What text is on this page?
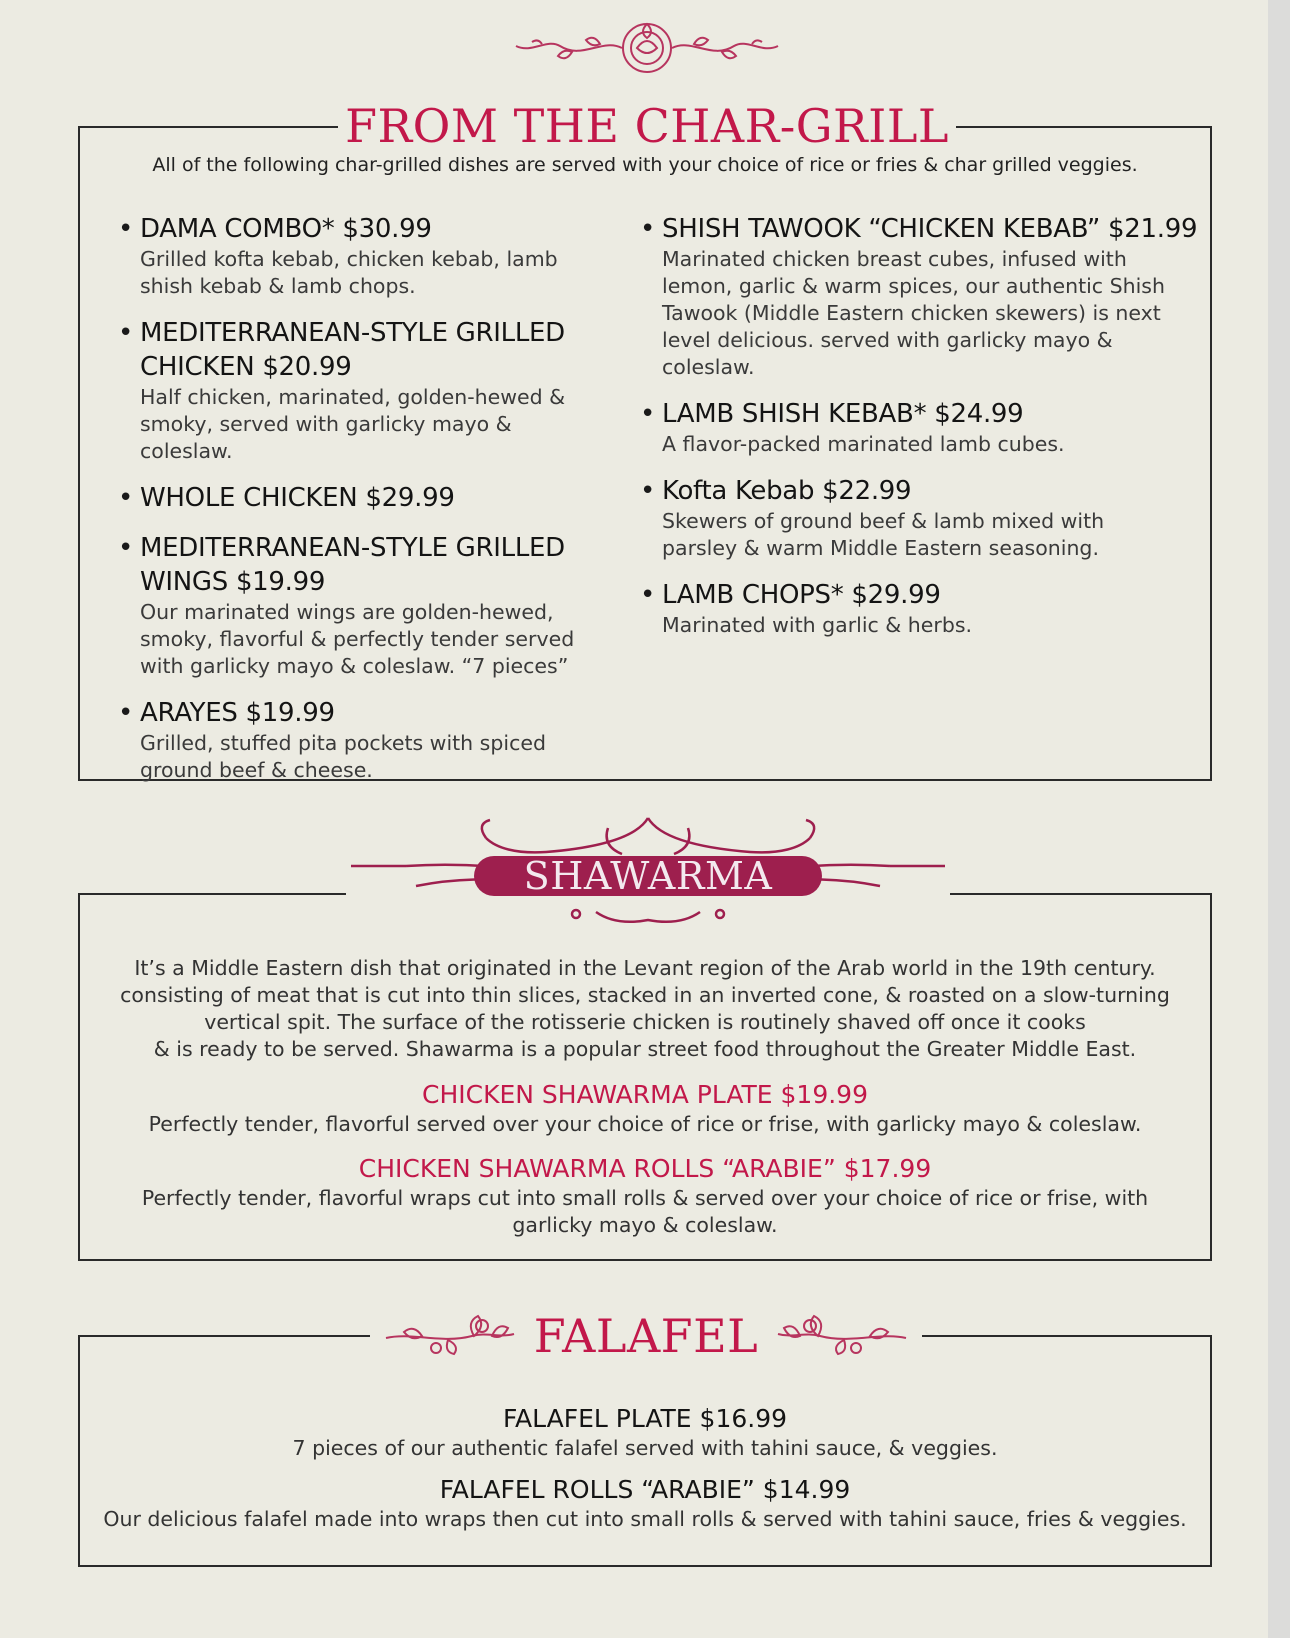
All of the following char-grilled dishes are served with your choice of rice or fries & char grilled veggies.
• DAMA COMBO* $30.99
Grilled kofta kebab, chicken kebab, lamb shish kebab & lamb chops.
• MEDITERRANEAN-STYLE GRILLED CHICKEN $20.99
Half chicken, marinated, golden-hewed & smoky, served with garlicky mayo & coleslaw.
• WHOLE CHICKEN $29.99
• MEDITERRANEAN-STYLE GRILLED WINGS $19.99
Our marinated wings are golden-hewed, smoky, flavorful & perfectly tender served with garlicky mayo & coleslaw. “7 pieces”
• ARAYES $19.99
Grilled, stuffed pita pockets with spiced ground beef & cheese.
• SHISH TAWOOK “CHICKEN KEBAB” $21.99
Marinated chicken breast cubes, infused with lemon, garlic & warm spices, our authentic Shish Tawook (Middle Eastern chicken skewers) is next level delicious. served with garlicky mayo & coleslaw.
• LAMB SHISH KEBAB* $24.99
A flavor-packed marinated lamb cubes.
• Kofta Kebab $22.99
Skewers of ground beef & lamb mixed with parsley & warm Middle Eastern seasoning.
• LAMB CHOPS* $29.99
Marinated with garlic & herbs.
FROM THE CHAR-GRILL
It’s a Middle Eastern dish that originated in the Levant region of the Arab world in the 19th century.
consisting of meat that is cut into thin slices, stacked in an inverted cone, & roasted on a slow-turning
vertical spit. The surface of the rotisserie chicken is routinely shaved off once it cooks
& is ready to be served. Shawarma is a popular street food throughout the Greater Middle East.
CHICKEN SHAWARMA PLATE $19.99
Perfectly tender, flavorful served over your choice of rice or frise, with garlicky mayo & coleslaw.
CHICKEN SHAWARMA ROLLS “ARABIE” $17.99
Perfectly tender, flavorful wraps cut into small rolls & served over your choice of rice or frise, with
garlicky mayo & coleslaw.
SHAWARMA
FALAFEL PLATE $16.99
7 pieces of our authentic falafel served with tahini sauce, & veggies.
FALAFEL ROLLS “ARABIE” $14.99
Our delicious falafel made into wraps then cut into small rolls & served with tahini sauce, fries & veggies.
FALAFEL
